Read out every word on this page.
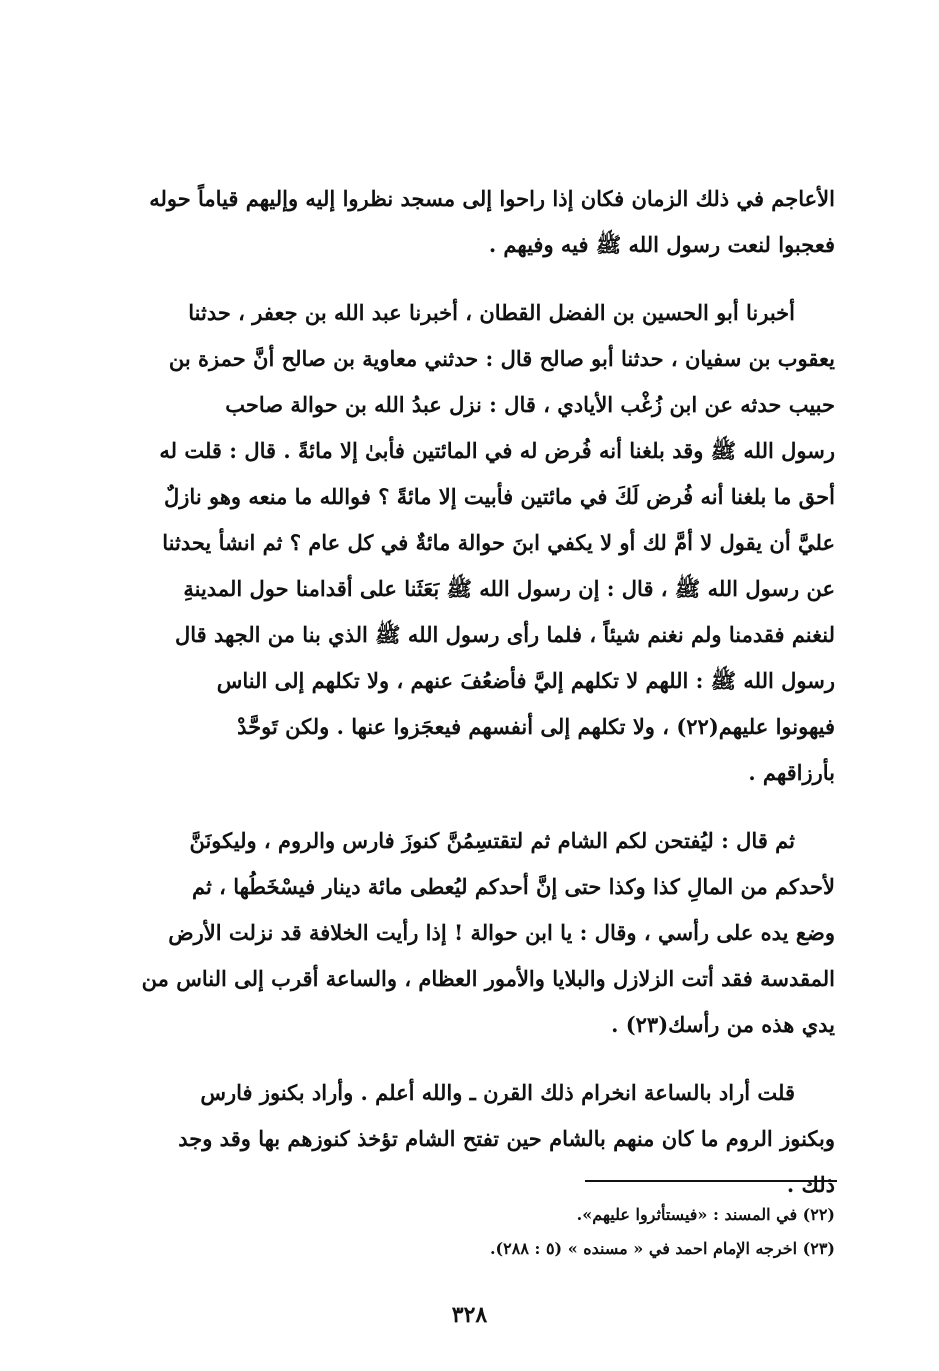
الأعاجم في ذلك الزمان فكان إذا راحوا إلى مسجد نظروا إليه وإليهم قياماً حوله
فعجبوا لنعت رسول الله ﷺ فيه وفيهم .

أخبرنا أبو الحسين بن الفضل القطان ، أخبرنا عبد الله بن جعفر ، حدثنا
يعقوب بن سفيان ، حدثنا أبو صالح قال : حدثني معاوية بن صالح أنَّ حمزة بن
حبيب حدثه عن ابن زُغْب الأيادي ، قال : نزل عبدُ الله بن حوالة صاحب
رسول الله ﷺ وقد بلغنا أنه فُرض له في المائتين فأبىٰ إلا مائةً . قال : قلت له
أحق ما بلغنا أنه فُرض لَكَ في مائتين فأبيت إلا مائةً ؟ فوالله ما منعه وهو نازلٌ
عليَّ أن يقول لا أمَّ لك أو لا يكفي ابنَ حوالة مائةٌ في كل عام ؟ ثم انشأ يحدثنا
عن رسول الله ﷺ ، قال : إن رسول الله ﷺ بَعَثَنا على أقدامنا حول المدينةِ
لنغنم فقدمنا ولم نغنم شيئاً ، فلما رأى رسول الله ﷺ الذي بنا من الجهد قال
رسول الله ﷺ : اللهم لا تكلهم إليَّ فأضعُفَ عنهم ، ولا تكلهم إلى الناس
فيهونوا عليهم(٢٢) ، ولا تكلهم إلى أنفسهم فيعجَزوا عنها . ولكن تَوحَّدْ
بأرزاقهم .

ثم قال : ليُفتحن لكم الشام ثم لتقتسِمُنَّ كنوزَ فارس والروم ، وليكونَنَّ
لأحدكم من المالِ كذا وكذا حتى إنَّ أحدكم ليُعطى مائة دينار فيسْخَطُها ، ثم
وضع يده على رأسي ، وقال : يا ابن حوالة ! إذا رأيت الخلافة قد نزلت الأرض
المقدسة فقد أتت الزلازل والبلايا والأمور العظام ، والساعة أقرب إلى الناس من
يدي هذه من رأسك(٢٣) .

قلت أراد بالساعة انخرام ذلك القرن ـ والله أعلم . وأراد بكنوز فارس
وبكنوز الروم ما كان منهم بالشام حين تفتح الشام تؤخذ كنوزهم بها وقد وجد
ذلك .

(٢٢) في المسند : «فيستأثروا عليهم».

(٢٣) اخرجه الإمام احمد في « مسنده » (٥ : ٢٨٨).

٣٢٨
